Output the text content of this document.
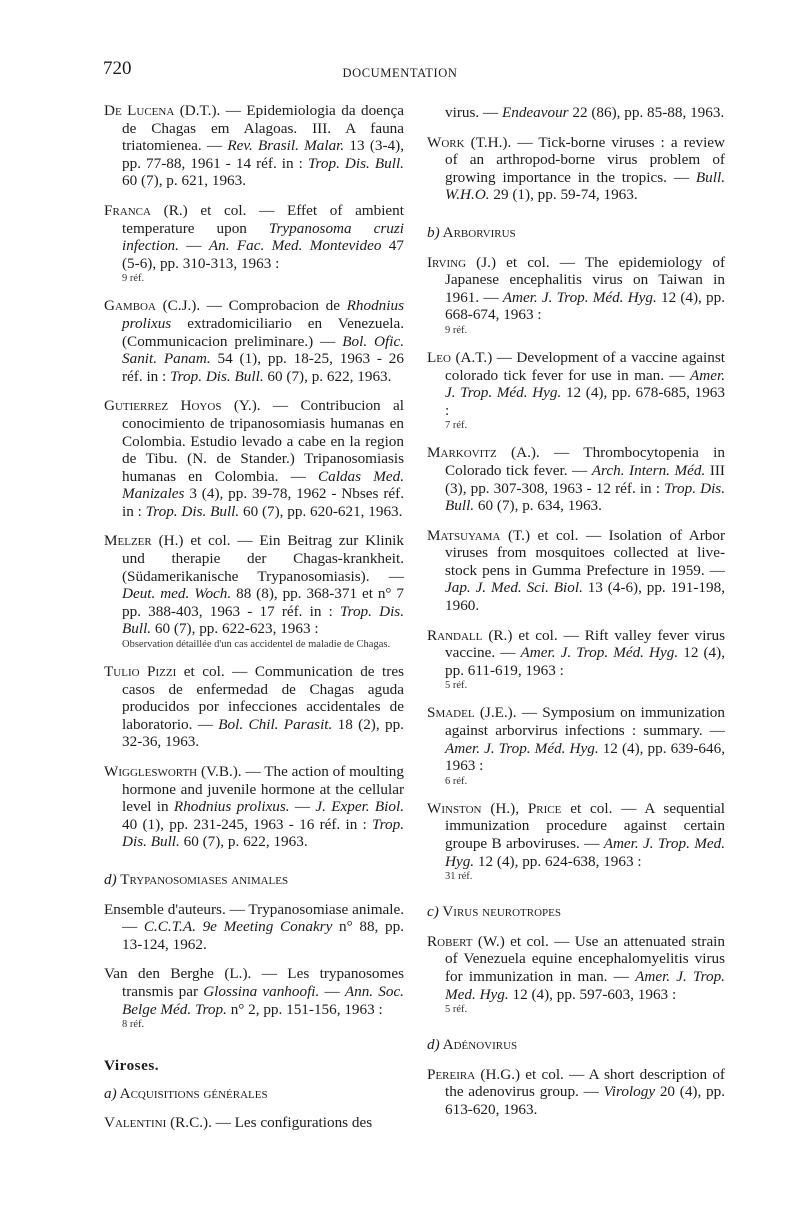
720	DOCUMENTATION

De Lucena (D.T.). — Epidemiologia da doença de Chagas em Alagoas. III. A fauna triatomienea. — Rev. Brasil. Malar. 13 (3-4), pp. 77-88, 1961 - 14 réf. in : Trop. Dis. Bull. 60 (7), p. 621, 1963.

Franca (R.) et col. — Effet of ambient temperature upon Trypanosoma cruzi infection. — An. Fac. Med. Montevideo 47 (5-6), pp. 310-313, 1963 :
9 réf.

Gamboa (C.J.). — Comprobacion de Rhodnius prolixus extradomiciliario en Venezuela. (Communicacion preliminare.) — Bol. Ofic. Sanit. Panam. 54 (1), pp. 18-25, 1963 - 26 réf. in : Trop. Dis. Bull. 60 (7), p. 622, 1963.

Gutierrez Hoyos (Y.). — Contribucion al conocimiento de tripanosomiasis humanas en Colombia. Estudio levado a cabe en la region de Tibu. (N. de Stander.) Tripanosomiasis humanas en Colombia. — Caldas Med. Manizales 3 (4), pp. 39-78, 1962 - Nbses réf. in : Trop. Dis. Bull. 60 (7), pp. 620-621, 1963.

Melzer (H.) et col. — Ein Beitrag zur Klinik und therapie der Chagas-krankheit. (Südamerikanische Trypanosomiasis). — Deut. med. Woch. 88 (8), pp. 368-371 et n° 7 pp. 388-403, 1963 - 17 réf. in : Trop. Dis. Bull. 60 (7), pp. 622-623, 1963 :
Observation détaillée d'un cas accidentel de maladie de Chagas.

Tulio Pizzi et col. — Communication de tres casos de enfermedad de Chagas aguda producidos por infecciones accidentales de laboratorio. — Bol. Chil. Parasit. 18 (2), pp. 32-36, 1963.

Wigglesworth (V.B.). — The action of moulting hormone and juvenile hormone at the cellular level in Rhodnius prolixus. — J. Exper. Biol. 40 (1), pp. 231-245, 1963 - 16 réf. in : Trop. Dis. Bull. 60 (7), p. 622, 1963.

d) Trypanosomiases animales

Ensemble d'auteurs. — Trypanosomiase animale. — C.C.T.A. 9e Meeting Conakry n° 88, pp. 13-124, 1962.

Van den Berghe (L.). — Les trypanosomes transmis par Glossina vanhoofi. — Ann. Soc. Belge Méd. Trop. n° 2, pp. 151-156, 1963 :
8 réf.

Viroses.
a) Acquisitions générales

Valentini (R.C.). — Les configurations des

virus. — Endeavour 22 (86), pp. 85-88, 1963.

Work (T.H.). — Tick-borne viruses : a review of an arthropod-borne virus problem of growing importance in the tropics. — Bull. W.H.O. 29 (1), pp. 59-74, 1963.

b) Arborvirus

Irving (J.) et col. — The epidemiology of Japanese encephalitis virus on Taiwan in 1961. — Amer. J. Trop. Méd. Hyg. 12 (4), pp. 668-674, 1963 :
9 réf.

Leo (A.T.) — Development of a vaccine against colorado tick fever for use in man. — Amer. J. Trop. Méd. Hyg. 12 (4), pp. 678-685, 1963 :
7 réf.

Markovitz (A.). — Thrombocytopenia in Colorado tick fever. — Arch. Intern. Méd. III (3), pp. 307-308, 1963 - 12 réf. in : Trop. Dis. Bull. 60 (7), p. 634, 1963.

Matsuyama (T.) et col. — Isolation of Arbor viruses from mosquitoes collected at live-stock pens in Gumma Prefecture in 1959. — Jap. J. Med. Sci. Biol. 13 (4-6), pp. 191-198, 1960.

Randall (R.) et col. — Rift valley fever virus vaccine. — Amer. J. Trop. Méd. Hyg. 12 (4), pp. 611-619, 1963 :
5 réf.

Smadel (J.E.). — Symposium on immunization against arborvirus infections : summary. — Amer. J. Trop. Méd. Hyg. 12 (4), pp. 639-646, 1963 :
6 réf.

Winston (H.), Price et col. — A sequential immunization procedure against certain groupe B arboviruses. — Amer. J. Trop. Med. Hyg. 12 (4), pp. 624-638, 1963 :
31 réf.

c) Virus neurotropes

Robert (W.) et col. — Use an attenuated strain of Venezuela equine encephalomyelitis virus for immunization in man. — Amer. J. Trop. Med. Hyg. 12 (4), pp. 597-603, 1963 :
5 réf.

d) Adénovirus

Pereira (H.G.) et col. — A short description of the adenovirus group. — Virology 20 (4), pp. 613-620, 1963.
